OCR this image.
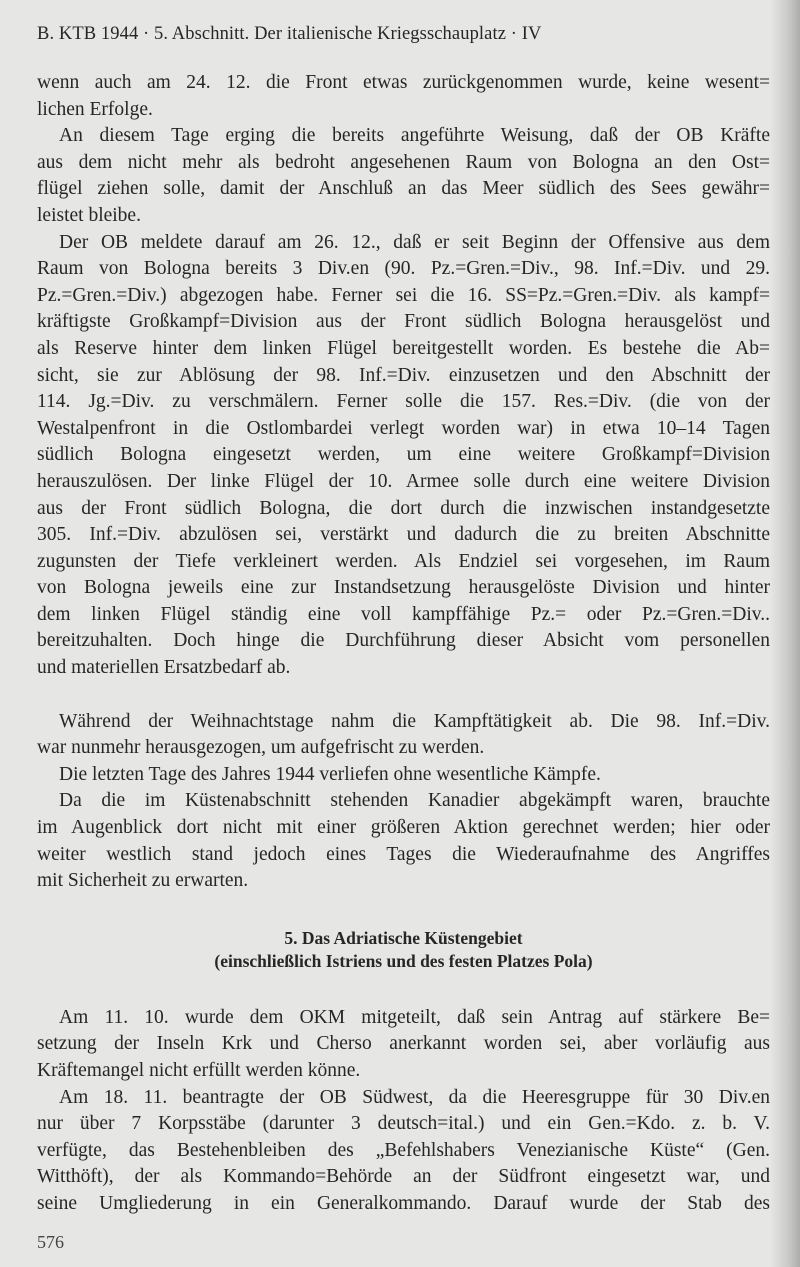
B. KTB 1944 · 5. Abschnitt. Der italienische Kriegsschauplatz · IV
wenn auch am 24. 12. die Front etwas zurückgenommen wurde, keine wesent=
lichen Erfolge.
An diesem Tage erging die bereits angeführte Weisung, daß der OB Kräfte
aus dem nicht mehr als bedroht angesehenen Raum von Bologna an den Ost=
flügel ziehen solle, damit der Anschluß an das Meer südlich des Sees gewähr=
leistet bleibe.
Der OB meldete darauf am 26. 12., daß er seit Beginn der Offensive aus dem
Raum von Bologna bereits 3 Div.en (90. Pz.=Gren.=Div., 98. Inf.=Div. und 29.
Pz.=Gren.=Div.) abgezogen habe. Ferner sei die 16. SS=Pz.=Gren.=Div. als kampf=
kräftigste Großkampf=Division aus der Front südlich Bologna herausgelöst und
als Reserve hinter dem linken Flügel bereitgestellt worden. Es bestehe die Ab=
sicht, sie zur Ablösung der 98. Inf.=Div. einzusetzen und den Abschnitt der
114. Jg.=Div. zu verschmälern. Ferner solle die 157. Res.=Div. (die von der
Westalpenfront in die Ostlombardei verlegt worden war) in etwa 10–14 Tagen
südlich Bologna eingesetzt werden, um eine weitere Großkampf=Division
herauszulösen. Der linke Flügel der 10. Armee solle durch eine weitere Division
aus der Front südlich Bologna, die dort durch die inzwischen instandgesetzte
305. Inf.=Div. abzulösen sei, verstärkt und dadurch die zu breiten Abschnitte
zugunsten der Tiefe verkleinert werden. Als Endziel sei vorgesehen, im Raum
von Bologna jeweils eine zur Instandsetzung herausgelöste Division und hinter
dem linken Flügel ständig eine voll kampffähige Pz.= oder Pz.=Gren.=Div..
bereitzuhalten. Doch hinge die Durchführung dieser Absicht vom personellen
und materiellen Ersatzbedarf ab.
Während der Weihnachtstage nahm die Kampftätigkeit ab. Die 98. Inf.=Div.
war nunmehr herausgezogen, um aufgefrischt zu werden.
Die letzten Tage des Jahres 1944 verliefen ohne wesentliche Kämpfe.
Da die im Küstenabschnitt stehenden Kanadier abgekämpft waren, brauchte
im Augenblick dort nicht mit einer größeren Aktion gerechnet werden; hier oder
weiter westlich stand jedoch eines Tages die Wiederaufnahme des Angriffes
mit Sicherheit zu erwarten.
5. Das Adriatische Küstengebiet
(einschließlich Istriens und des festen Platzes Pola)
Am 11. 10. wurde dem OKM mitgeteilt, daß sein Antrag auf stärkere Be=
setzung der Inseln Krk und Cherso anerkannt worden sei, aber vorläufig aus
Kräftemangel nicht erfüllt werden könne.
Am 18. 11. beantragte der OB Südwest, da die Heeresgruppe für 30 Div.en
nur über 7 Korpsstäbe (darunter 3 deutsch=ital.) und ein Gen.=Kdo. z. b. V.
verfügte, das Bestehenbleiben des „Befehlshabers Venezianische Küste“ (Gen.
Witthöft), der als Kommando=Behörde an der Südfront eingesetzt war, und
seine Umgliederung in ein Generalkommando. Darauf wurde der Stab des
576
